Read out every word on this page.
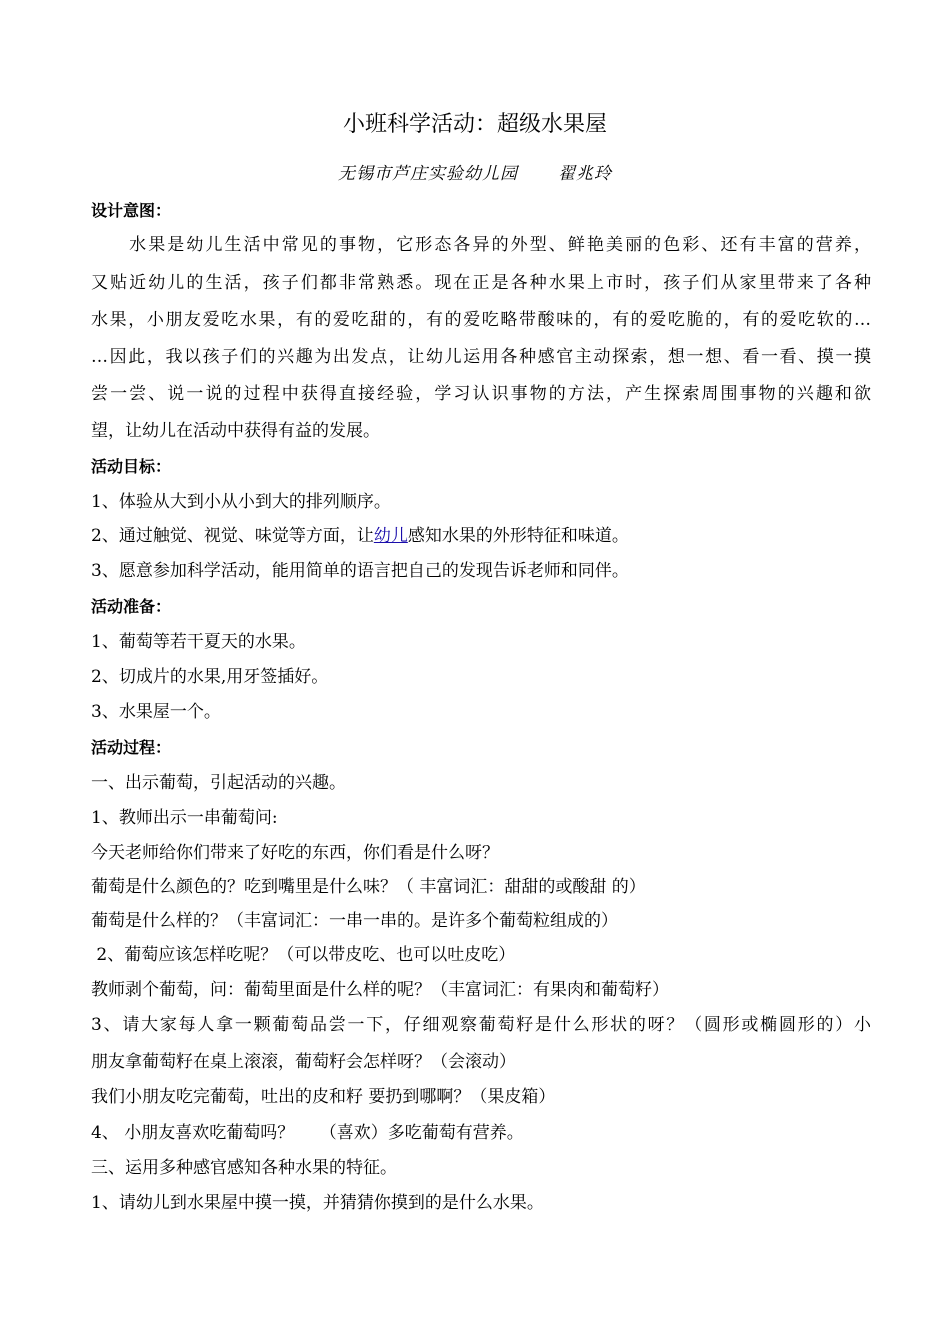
小班科学活动：超级水果屋
无锡市芦庄实验幼儿园 翟兆玲
设计意图：
　　水果是幼儿生活中常见的事物，它形态各异的外型、鲜艳美丽的色彩、还有丰富的营养，
又贴近幼儿的生活，孩子们都非常熟悉。现在正是各种水果上市时，孩子们从家里带来了各种
水果，小朋友爱吃水果，有的爱吃甜的，有的爱吃略带酸味的，有的爱吃脆的，有的爱吃软的…
…因此，我以孩子们的兴趣为出发点，让幼儿运用各种感官主动探索，想一想、看一看、摸一摸
尝一尝、说一说的过程中获得直接经验，学习认识事物的方法，产生探索周围事物的兴趣和欲
望，让幼儿在活动中获得有益的发展。
活动目标：
1、体验从大到小从小到大的排列顺序。
2、通过触觉、视觉、味觉等方面，让幼儿感知水果的外形特征和味道。
3、愿意参加科学活动，能用简单的语言把自己的发现告诉老师和同伴。
活动准备：
1、葡萄等若干夏天的水果。
2、切成片的水果,用牙签插好。
3、水果屋一个。
活动过程：
一、出示葡萄，引起活动的兴趣。
1、教师出示一串葡萄问:
今天老师给你们带来了好吃的东西，你们看是什么呀？
葡萄是什么颜色的？吃到嘴里是什么味？（ 丰富词汇：甜甜的或酸甜 的）
葡萄是什么样的？（丰富词汇：一串一串的。是许多个葡萄粒组成的）
2、葡萄应该怎样吃呢？（可以带皮吃、也可以吐皮吃）
教师剥个葡萄，问：葡萄里面是什么样的呢？（丰富词汇：有果肉和葡萄籽）
3、请大家每人拿一颗葡萄品尝一下，仔细观察葡萄籽是什么形状的呀？（圆形或椭圆形的）小
朋友拿葡萄籽在桌上滚滚，葡萄籽会怎样呀？（会滚动）
我们小朋友吃完葡萄，吐出的皮和籽 要扔到哪啊？（果皮箱）
4、 小朋友喜欢吃葡萄吗？　　（喜欢）多吃葡萄有营养。
三、运用多种感官感知各种水果的特征。
1、请幼儿到水果屋中摸一摸，并猜猜你摸到的是什么水果。
